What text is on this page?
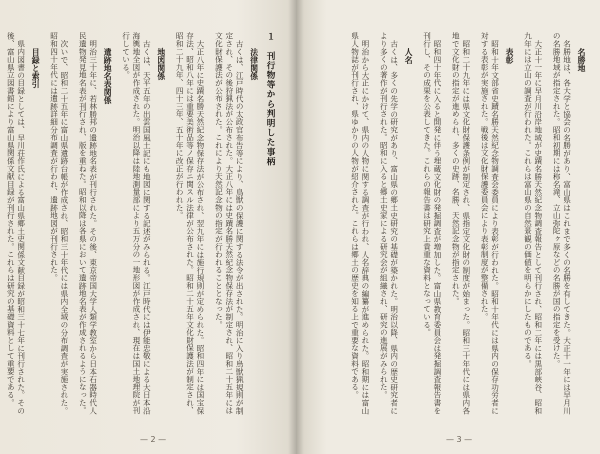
１　刊行物等から判明した事柄
法律関係

古くは、江戸時代の太政官布告等により、鳥獣の保護に関する法令が出された。明治に入り鳥獣猟規則が制定され、その後狩猟法が公布された。大正八年には史蹟名勝天然紀念物保存法が制定され、昭和二十五年には文化財保護法が公布された。これにより天然記念物の指定が行われることとなった。

大正八年に史蹟名勝天然紀念物保存法が公布され、翌九年には施行規則が定められた。昭和四年には国宝保存法、昭和八年には重要美術品等ノ保存ニ関スル法律が公布された。昭和二十五年文化財保護法が制定され、昭和二十九年、四十三年、五十年に改正が行われた。

地図関係

古くは、天平五年の出雲国風土記にも地図に関する記述がみられる。江戸時代には伊能忠敬による大日本沿海輿地全図が作成された。明治以降は陸地測量部により五万分の一地形図が作成され、現在は国土地理院が刊行している。

遺跡地名表関係

明治三十年に、若林勝邦の遺跡地名表が刊行された。その後、東京帝国大学人類学教室から日本石器時代人民遺物発見地名表が刊行され、版を重ねた。昭和以降は各県において遺跡地名表が作成されるようになった。

次いで、昭和二十五年に富山県遺跡台帳が作成され、昭和三十年代には県内全域の分布調査が実施された。昭和四十年代には遺跡詳細分布調査が行われ、遺跡地図が刊行された。

目録と索引

県内図書の目録としては、早川荘作氏による富山県郷土史関係文献目録が昭和三十七年に刊行された。その後、富山県立図書館により富山県関係文献目録が刊行された。これらは研究の基礎資料として重要である。

— 2 —
名勝地

名勝地は、各大学と協会の名勝があり、富山県はこれまで多くの名勝を有してきた。大正十一年には早月川の名勝地域が指定された。昭和初期には称名滝、立山弥陀ヶ原などの名勝が国の指定を受けた。

大正十一年に早月川沿岸地域が史蹟名勝天然紀念物調査報告として刊行され、昭和二年には黒部峡谷、昭和九年には立山の調査が行われた。これらは富山県の自然景観の価値を明らかにしたものである。

表彰

昭和十年文部省史蹟名勝天然紀念物調査会委員により表彰が行われた。昭和十年代には県内の保存功労者に対する表彰が実施された。戦後は文化財保護委員会により表彰制度が整備された。

昭和二十九年には県文化財保護条例が制定され、県指定文化財の制度が始まった。昭和三十年代には県内各地で文化財の指定が進められ、多くの史跡、名勝、天然記念物が指定された。

昭和四十年代に入ると開発に伴う埋蔵文化財の発掘調査が増加した。富山県教育委員会は発掘調査報告書を刊行し、その成果を公表してきた。これらの報告書は研究上貴重な資料となっている。

人名

古くは、多くの先学の研究があり、富山県の郷土史研究の基礎が築かれた。明治以降、県内の歴史研究者により多くの著作が刊行された。昭和に入ると郷土史家による研究会が組織され、研究の進展がみられた。

明治から大正にかけて、県内の人物に関する調査が行われ、人名辞典の編纂が進められた。昭和期には富山県人物誌が刊行され、県ゆかりの人物が紹介された。これらは郷土の歴史を知る上で重要な資料である。

— 3 —
